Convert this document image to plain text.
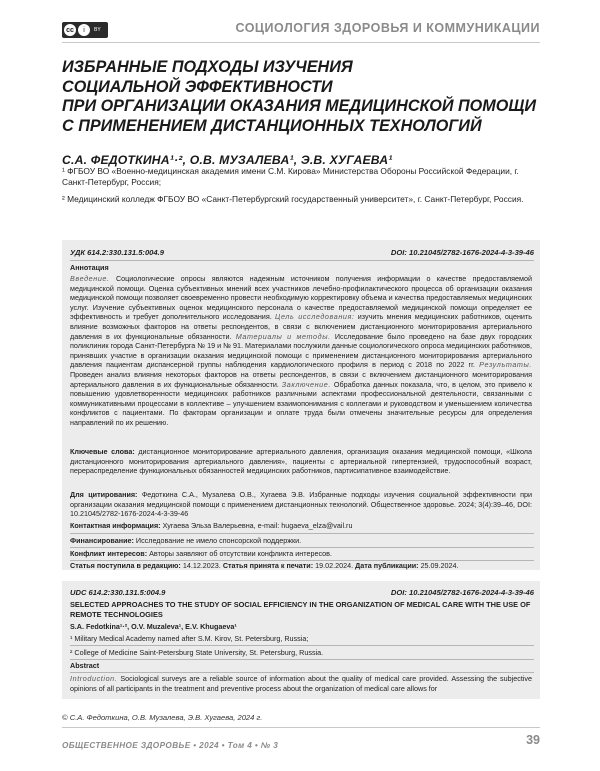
cc	i	BY	СОЦИОЛОГИЯ ЗДОРОВЬЯ И КОММУНИКАЦИИ
ИЗБРАННЫЕ ПОДХОДЫ ИЗУЧЕНИЯ
СОЦИАЛЬНОЙ ЭФФЕКТИВНОСТИ
ПРИ ОРГАНИЗАЦИИ ОКАЗАНИЯ МЕДИЦИНСКОЙ ПОМОЩИ
С ПРИМЕНЕНИЕМ ДИСТАНЦИОННЫХ ТЕХНОЛОГИЙ
С.А. ФЕДОТКИНА¹·², О.В. МУЗАЛЕВА¹, Э.В. ХУГАЕВА¹
¹ ФГБОУ ВО «Военно-медицинская академия имени С.М. Кирова» Министерства Обороны Российской Федерации, г. Санкт-Петербург, Россия;
² Медицинский колледж ФГБОУ ВО «Санкт-Петербургский государственный университет», г. Санкт-Петербург, Россия.
УДК 614.2:330.131.5:004.9	DOI: 10.21045/2782-1676-2024-4-3-39-46
Аннотация
Введение. Социологические опросы являются надежным источником получения информации о качестве предоставляемой медицинской помощи. Оценка субъективных мнений всех участников лечебно-профилактического процесса об организации оказания медицинской помощи позволяет своевременно провести необходимую корректировку объема и качества предоставляемых медицинских услуг. Изучение субъективных оценок медицинского персонала о качестве предоставляемой медицинской помощи определяет ее эффективность и требует дополнительного исследования. Цель исследования: изучить мнения медицинских работников, оценить влияние возможных факторов на ответы респондентов, в связи с включением дистанционного мониторирования артериального давления в их функциональные обязанности. Материалы и методы. Исследование было проведено на базе двух городских поликлиник города Санкт-Петербурга № 19 и № 91. Материалами послужили данные социологического опроса медицинских работников, принявших участие в организации оказания медицинской помощи с применением дистанционного мониторирования артериального давления пациентам диспансерной группы наблюдения кардиологического профиля в период с 2018 по 2022 гг. Результаты. Проведен анализ влияния некоторых факторов на ответы респондентов, в связи с включением дистанционного мониторирования артериального давления в их функциональные обязанности. Заключение. Обработка данных показала, что, в целом, это привело к повышению удовлетворенности медицинских работников различными аспектами профессиональной деятельности, связанными с коммуникативными процессами в коллективе – улучшением взаимопонимания с коллегами и руководством и уменьшением количества конфликтов с пациентами. По факторам организации и оплате труда были отмечены значительные ресурсы для определения направлений по их решению.
Ключевые слова: дистанционное мониторирование артериального давления, организация оказания медицинской помощи, «Школа дистанционного мониторирования артериального давления», пациенты с артериальной гипертензией, трудоспособный возраст, перераспределение функциональных обязанностей медицинских работников, партисипативное взаимодействие.
Для цитирования: Федоткина С.А., Музалева О.В., Хугаева Э.В. Избранные подходы изучения социальной эффективности при организации оказания медицинской помощи с применением дистанционных технологий. Общественное здоровье. 2024; 3(4):39–46, DOI: 10.21045/2782-1676-2024-4-3-39-46
Контактная информация: Хугаева Эльза Валерьевна, e-mail: hugaeva_elza@vail.ru
Финансирование: Исследование не имело спонсорской поддержки.
Конфликт интересов: Авторы заявляют об отсутствии конфликта интересов.
Статья поступила в редакцию: 14.12.2023. Статья принята к печати: 19.02.2024. Дата публикации: 25.09.2024.
UDC 614.2:330.131.5:004.9	DOI: 10.21045/2782-1676-2024-4-3-39-46
SELECTED APPROACHES TO THE STUDY OF SOCIAL EFFICIENCY IN THE ORGANIZATION OF MEDICAL CARE WITH THE USE OF REMOTE TECHNOLOGIES
S.A. Fedotkina¹·², O.V. Muzaleva¹, E.V. Khugaeva¹
¹ Military Medical Academy named after S.M. Kirov, St. Petersburg, Russia;
² College of Medicine Saint-Petersburg State University, St. Petersburg, Russia.
Abstract
Introduction. Sociological surveys are a reliable source of information about the quality of medical care provided. Assessing the subjective opinions of all participants in the treatment and preventive process about the organization of medical care allows for
© С.А. Федоткина, О.В. Музалева, Э.В. Хугаева, 2024 г.
ОБЩЕСТВЕННОЕ ЗДОРОВЬЕ • 2024 • Том 4 • № 3	39
